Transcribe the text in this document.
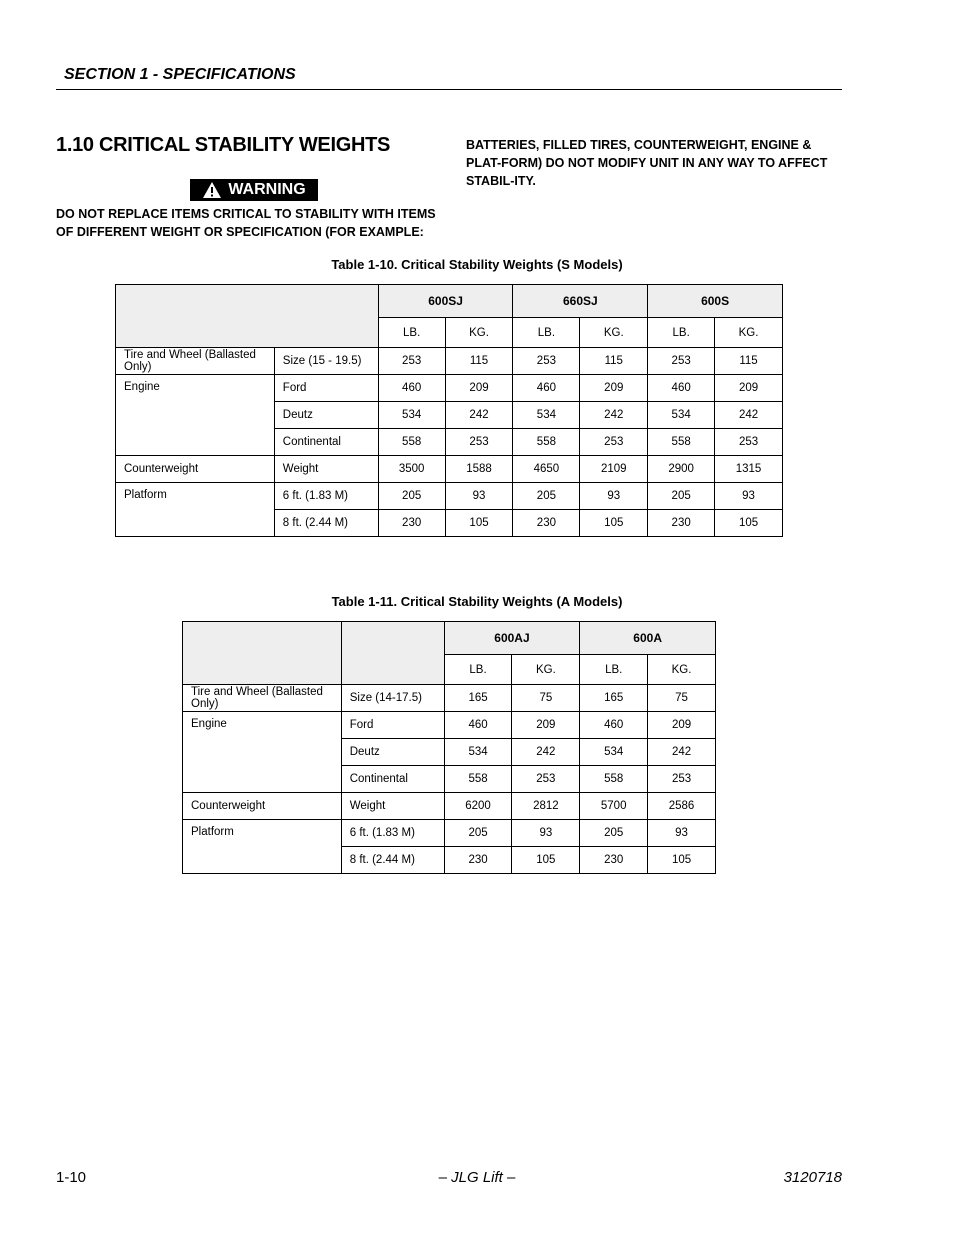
SECTION 1 - SPECIFICATIONS
1.10 CRITICAL STABILITY WEIGHTS
WARNING
DO NOT REPLACE ITEMS CRITICAL TO STABILITY WITH ITEMS OF DIFFERENT WEIGHT OR SPECIFICATION (FOR EXAMPLE:
BATTERIES, FILLED TIRES, COUNTERWEIGHT, ENGINE & PLAT-FORM) DO NOT MODIFY UNIT IN ANY WAY TO AFFECT STABIL-ITY.
Table 1-10. Critical Stability Weights (S Models)
		600SJ		660SJ		600S	
		LB.	KG.	LB.	KG.	LB.	KG.
Tire and Wheel (Ballasted Only)	Size (15 - 19.5)	253	115	253	115	253	115
Engine	Ford	460	209	460	209	460	209
	Deutz	534	242	534	242	534	242
	Continental	558	253	558	253	558	253
Counterweight	Weight	3500	1588	4650	2109	2900	1315
Platform	6 ft. (1.83 M)	205	93	205	93	205	93
	8 ft. (2.44 M)	230	105	230	105	230	105
Table 1-11. Critical Stability Weights (A Models)
		600AJ		600A	
		LB.	KG.	LB.	KG.
Tire and Wheel (Ballasted Only)	Size (14-17.5)	165	75	165	75
Engine	Ford	460	209	460	209
	Deutz	534	242	534	242
	Continental	558	253	558	253
Counterweight	Weight	6200	2812	5700	2586
Platform	6 ft. (1.83 M)	205	93	205	93
	8 ft. (2.44 M)	230	105	230	105
1-10	– JLG Lift –	3120718
